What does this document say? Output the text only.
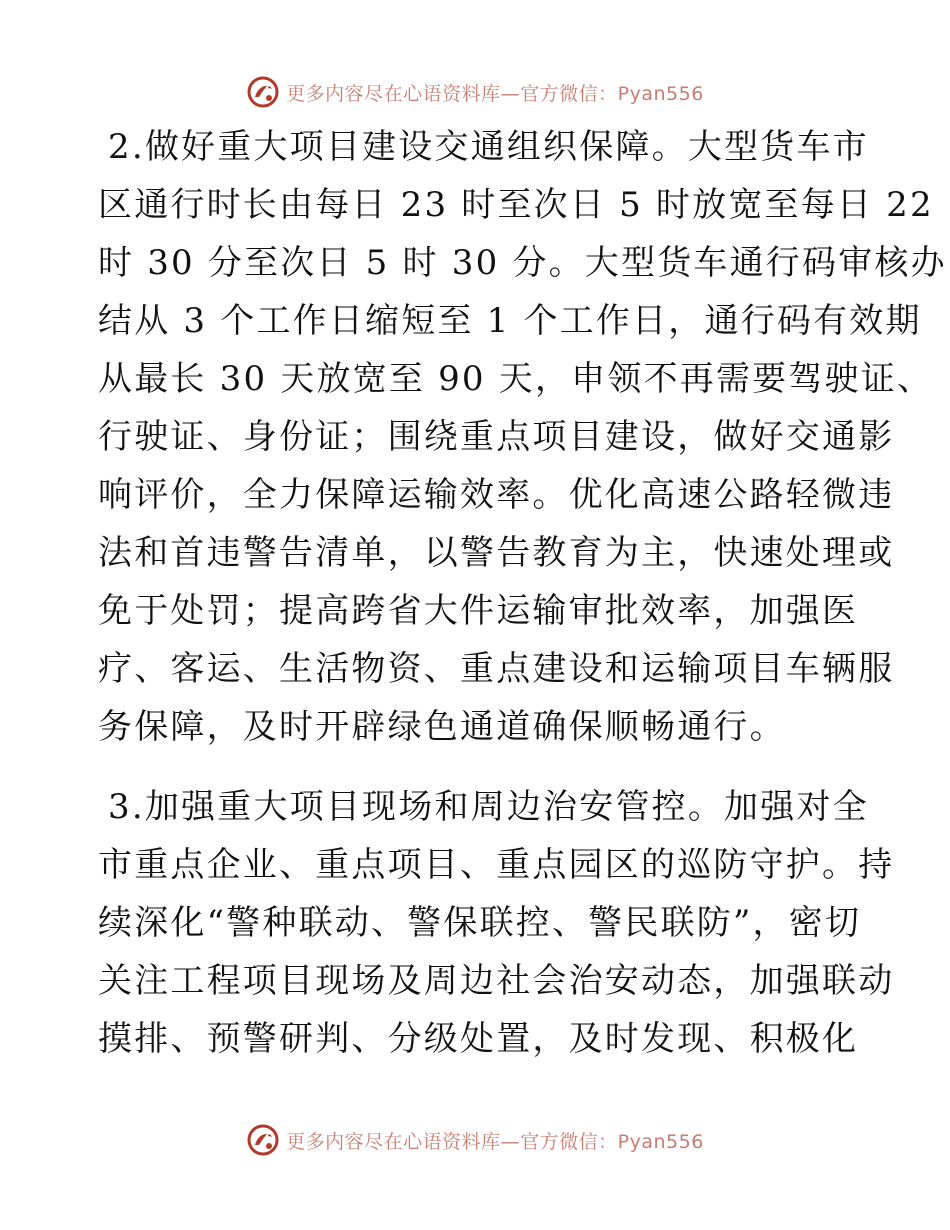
更多内容尽在心语资料库—官方微信：Pyan556
2.做好重大项目建设交通组织保障。大型货车市
区通行时长由每日 23 时至次日 5 时放宽至每日 22
时 30 分至次日 5 时 30 分。大型货车通行码审核办
结从 3 个工作日缩短至 1 个工作日，通行码有效期
从最长 30 天放宽至 90 天，申领不再需要驾驶证、
行驶证、身份证；围绕重点项目建设，做好交通影
响评价，全力保障运输效率。优化高速公路轻微违
法和首违警告清单，以警告教育为主，快速处理或
免于处罚；提高跨省大件运输审批效率，加强医
疗、客运、生活物资、重点建设和运输项目车辆服
务保障，及时开辟绿色通道确保顺畅通行。
3.加强重大项目现场和周边治安管控。加强对全
市重点企业、重点项目、重点园区的巡防守护。持
续深化“警种联动、警保联控、警民联防”，密切
关注工程项目现场及周边社会治安动态，加强联动
摸排、预警研判、分级处置，及时发现、积极化
更多内容尽在心语资料库—官方微信：Pyan556
